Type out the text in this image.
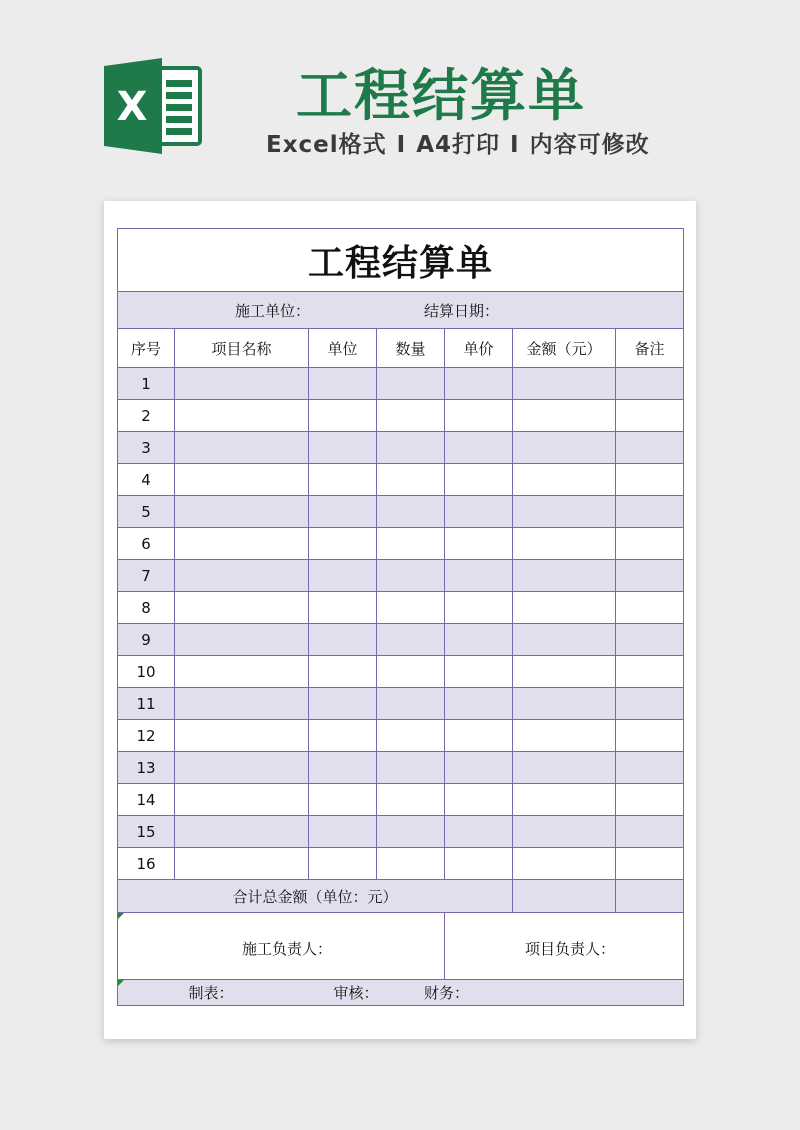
X	工程结算单
Excel格式 I A4打印 I 内容可修改
工程结算单						

施工单位： 结算日期：						

序号	项目名称	单位	数量	单价	金额（元）	备注
1						
2						
3						
4						
5						
6						
7						
8						
9						
10						
11						
12						
13						
14						
15						
16						
合计总金额（单位：元）						

施工负责人：				项目负责人：		

制表： 审核： 财务：						
